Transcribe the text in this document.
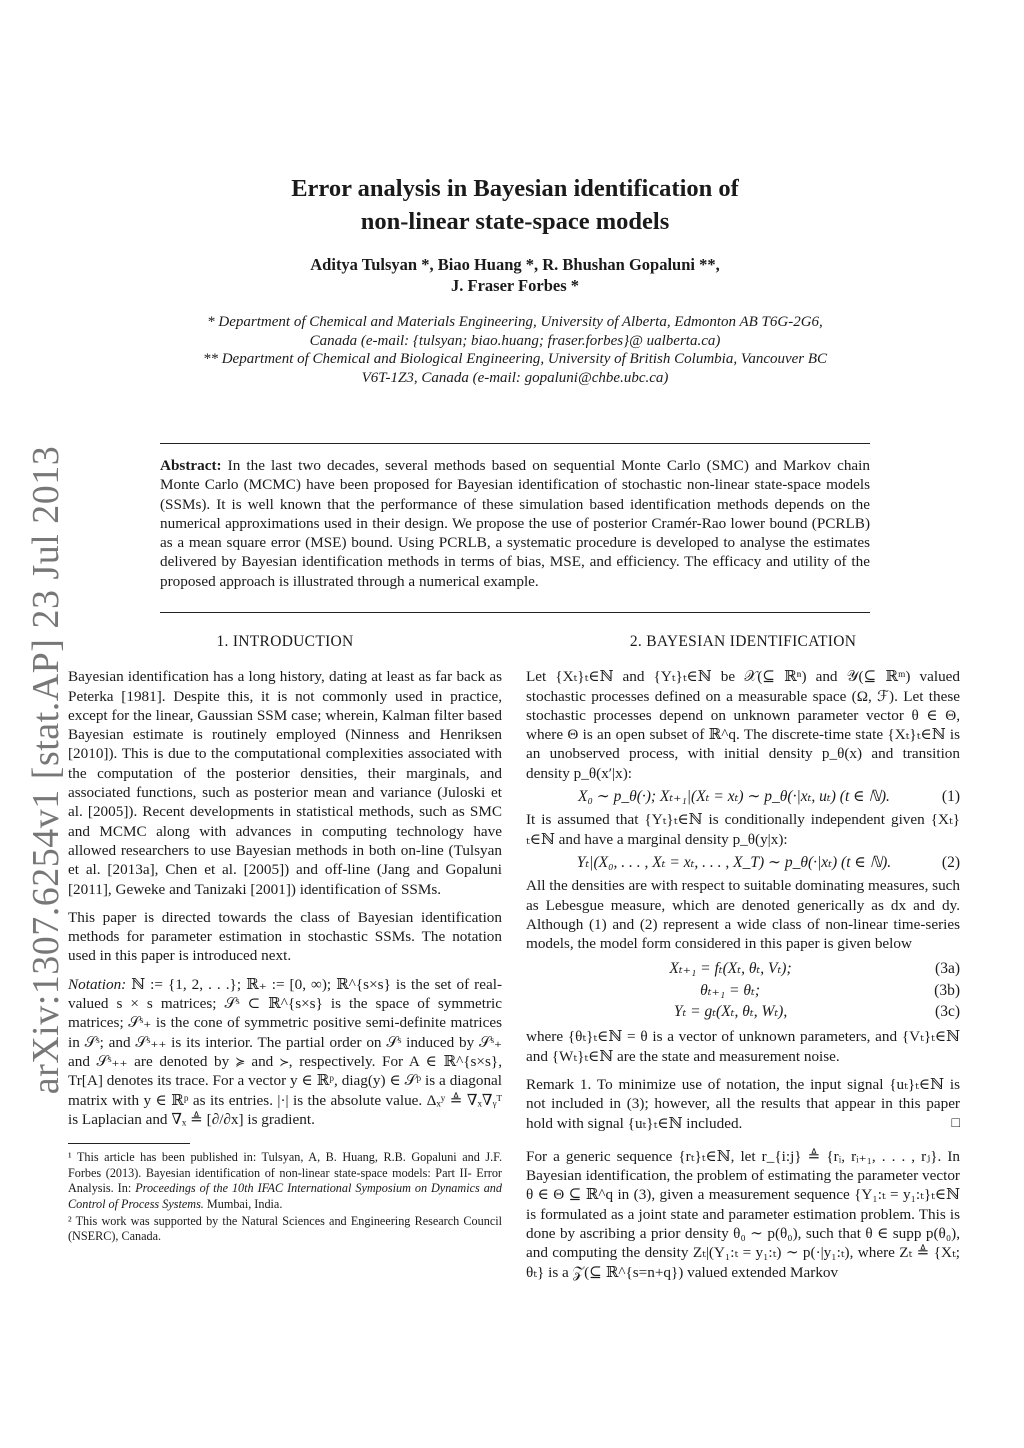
arXiv:1307.6254v1 [stat.AP] 23 Jul 2013
Error analysis in Bayesian identification of
non-linear state-space models
Aditya Tulsyan *, Biao Huang *, R. Bhushan Gopaluni **,
J. Fraser Forbes *
* Department of Chemical and Materials Engineering, University of Alberta, Edmonton AB T6G-2G6, Canada (e-mail: {tulsyan; biao.huang; fraser.forbes}@ ualberta.ca)
** Department of Chemical and Biological Engineering, University of British Columbia, Vancouver BC V6T-1Z3, Canada (e-mail: gopaluni@chbe.ubc.ca)
Abstract: In the last two decades, several methods based on sequential Monte Carlo (SMC) and Markov chain Monte Carlo (MCMC) have been proposed for Bayesian identification of stochastic non-linear state-space models (SSMs). It is well known that the performance of these simulation based identification methods depends on the numerical approximations used in their design. We propose the use of posterior Cramér-Rao lower bound (PCRLB) as a mean square error (MSE) bound. Using PCRLB, a systematic procedure is developed to analyse the estimates delivered by Bayesian identification methods in terms of bias, MSE, and efficiency. The efficacy and utility of the proposed approach is illustrated through a numerical example.
1. INTRODUCTION

Bayesian identification has a long history, dating at least as far back as Peterka [1981]. Despite this, it is not commonly used in practice, except for the linear, Gaussian SSM case; wherein, Kalman filter based Bayesian estimate is routinely employed (Ninness and Henriksen [2010]). This is due to the computational complexities associated with the computation of the posterior densities, their marginals, and associated functions, such as posterior mean and variance (Juloski et al. [2005]). Recent developments in statistical methods, such as SMC and MCMC along with advances in computing technology have allowed researchers to use Bayesian methods in both on-line (Tulsyan et al. [2013a], Chen et al. [2005]) and off-line (Jang and Gopaluni [2011], Geweke and Tanizaki [2001]) identification of SSMs.

This paper is directed towards the class of Bayesian identification methods for parameter estimation in stochastic SSMs. The notation used in this paper is introduced next.

Notation: ℕ := {1, 2, . . .}; ℝ₊ := [0, ∞); ℝ^{s×s} is the set of real-valued s × s matrices; 𝒮ˢ ⊂ ℝ^{s×s} is the space of symmetric matrices; 𝒮ˢ₊ is the cone of symmetric positive semi-definite matrices in 𝒮ˢ; and 𝒮ˢ₊₊ is its interior. The partial order on 𝒮ˢ induced by 𝒮ˢ₊ and 𝒮ˢ₊₊ are denoted by ≽ and ≻, respectively. For A ∈ ℝ^{s×s}, Tr[A] denotes its trace. For a vector y ∈ ℝᵖ, diag(y) ∈ 𝒮ᵖ is a diagonal matrix with y ∈ ℝᵖ as its entries. |·| is the absolute value. Δₓʸ ≜ ∇ₓ∇ᵧᵀ is Laplacian and ∇ₓ ≜ [∂/∂x] is gradient.

¹ This article has been published in: Tulsyan, A, B. Huang, R.B. Gopaluni and J.F. Forbes (2013). Bayesian identification of non-linear state-space models: Part II- Error Analysis. In: Proceedings of the 10th IFAC International Symposium on Dynamics and Control of Process Systems. Mumbai, India.

² This work was supported by the Natural Sciences and Engineering Research Council (NSERC), Canada.

2. BAYESIAN IDENTIFICATION

Let {Xₜ}ₜ∈ℕ and {Yₜ}ₜ∈ℕ be 𝒳(⊆ ℝⁿ) and 𝒴(⊆ ℝᵐ) valued stochastic processes defined on a measurable space (Ω, ℱ). Let these stochastic processes depend on unknown parameter vector θ ∈ Θ, where Θ is an open subset of ℝ^q. The discrete-time state {Xₜ}ₜ∈ℕ is an unobserved process, with initial density p_θ(x) and transition density p_θ(x′|x):

X₀ ∼ p_θ(·); Xₜ₊₁|(Xₜ = xₜ) ∼ p_θ(·|xₜ, uₜ) (t ∈ ℕ).	(1)

It is assumed that {Yₜ}ₜ∈ℕ is conditionally independent given {Xₜ}ₜ∈ℕ and have a marginal density p_θ(y|x):

Yₜ|(X₀, . . . , Xₜ = xₜ, . . . , X_T) ∼ p_θ(·|xₜ) (t ∈ ℕ).	(2)

All the densities are with respect to suitable dominating measures, such as Lebesgue measure, which are denoted generically as dx and dy. Although (1) and (2) represent a wide class of non-linear time-series models, the model form considered in this paper is given below

Xₜ₊₁ = fₜ(Xₜ, θₜ, Vₜ);	(3a)
θₜ₊₁ = θₜ;	(3b)
Yₜ = gₜ(Xₜ, θₜ, Wₜ),	(3c)

where {θₜ}ₜ∈ℕ = θ is a vector of unknown parameters, and {Vₜ}ₜ∈ℕ and {Wₜ}ₜ∈ℕ are the state and measurement noise.

Remark 1. To minimize use of notation, the input signal {uₜ}ₜ∈ℕ is not included in (3); however, all the results that appear in this paper hold with signal {uₜ}ₜ∈ℕ included.	□

For a generic sequence {rₜ}ₜ∈ℕ, let r_{i:j} ≜ {rᵢ, rᵢ₊₁, . . . , rⱼ}. In Bayesian identification, the problem of estimating the parameter vector θ ∈ Θ ⊆ ℝ^q in (3), given a measurement sequence {Y₁:ₜ = y₁:ₜ}ₜ∈ℕ is formulated as a joint state and parameter estimation problem. This is done by ascribing a prior density θ₀ ∼ p(θ₀), such that θ ∈ supp p(θ₀), and computing the density Zₜ|(Y₁:ₜ = y₁:ₜ) ∼ p(·|y₁:ₜ), where Zₜ ≜ {Xₜ; θₜ} is a 𝒵(⊆ ℝ^{s=n+q}) valued extended Markov
